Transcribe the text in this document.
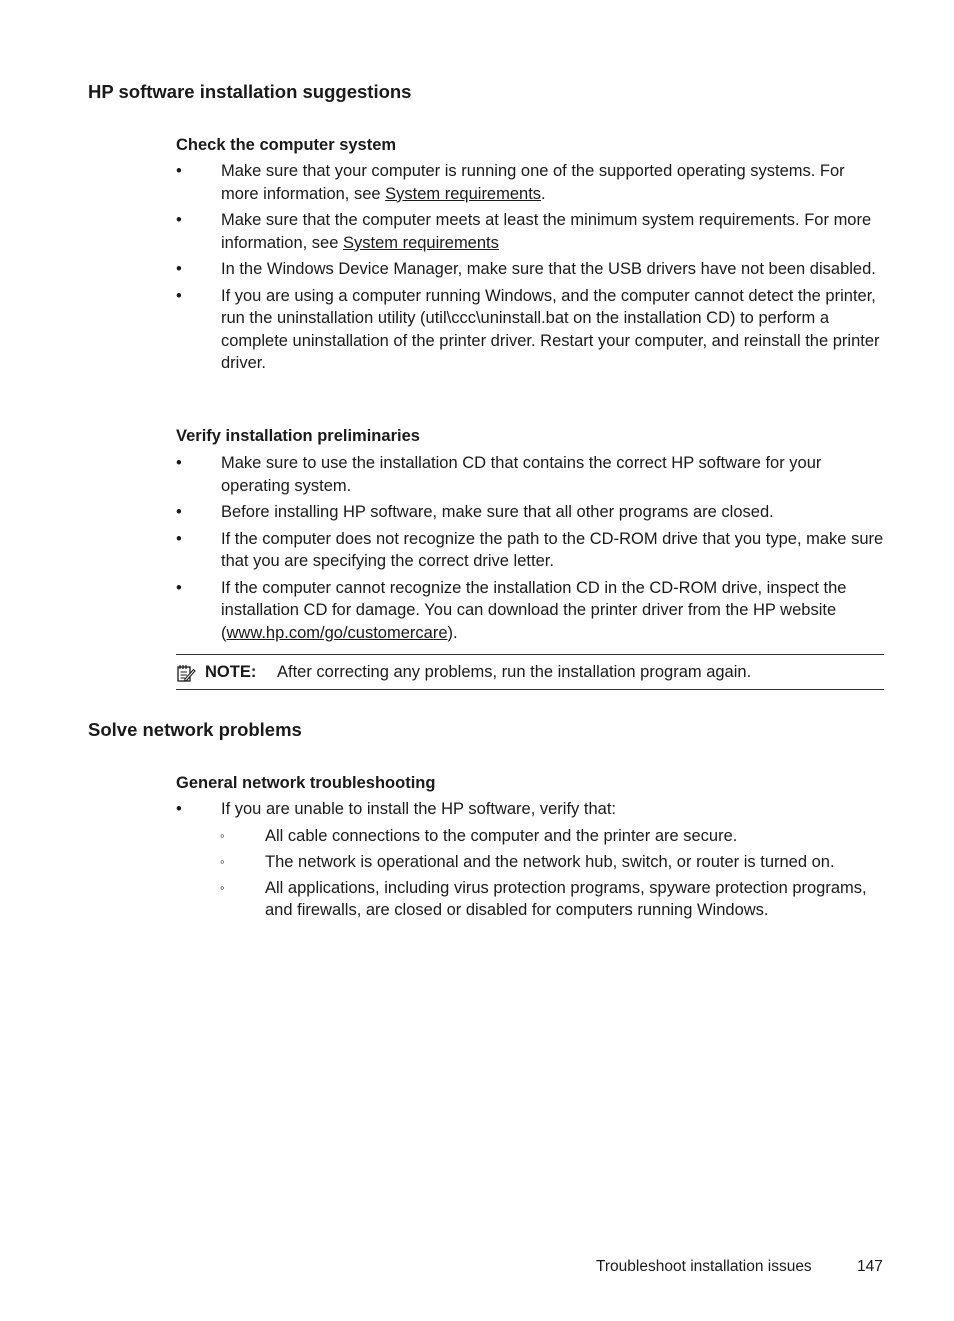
HP software installation suggestions
Check the computer system
•	Make sure that your computer is running one of the supported operating systems. For more information, see System requirements.
•	Make sure that the computer meets at least the minimum system requirements. For more information, see System requirements
•	In the Windows Device Manager, make sure that the USB drivers have not been disabled.
•	If you are using a computer running Windows, and the computer cannot detect the printer, run the uninstallation utility (util\ccc\uninstall.bat on the installation CD) to perform a complete uninstallation of the printer driver. Restart your computer, and reinstall the printer driver.
Verify installation preliminaries
•	Make sure to use the installation CD that contains the correct HP software for your operating system.
•	Before installing HP software, make sure that all other programs are closed.
•	If the computer does not recognize the path to the CD-ROM drive that you type, make sure that you are specifying the correct drive letter.
•	If the computer cannot recognize the installation CD in the CD-ROM drive, inspect the installation CD for damage. You can download the printer driver from the HP website (www.hp.com/go/customercare).
NOTE: After correcting any problems, run the installation program again.
Solve network problems
General network troubleshooting
•	If you are unable to install the HP software, verify that:
◦	All cable connections to the computer and the printer are secure.
◦	The network is operational and the network hub, switch, or router is turned on.
◦	All applications, including virus protection programs, spyware protection programs, and firewalls, are closed or disabled for computers running Windows.
Troubleshoot installation issues	147
